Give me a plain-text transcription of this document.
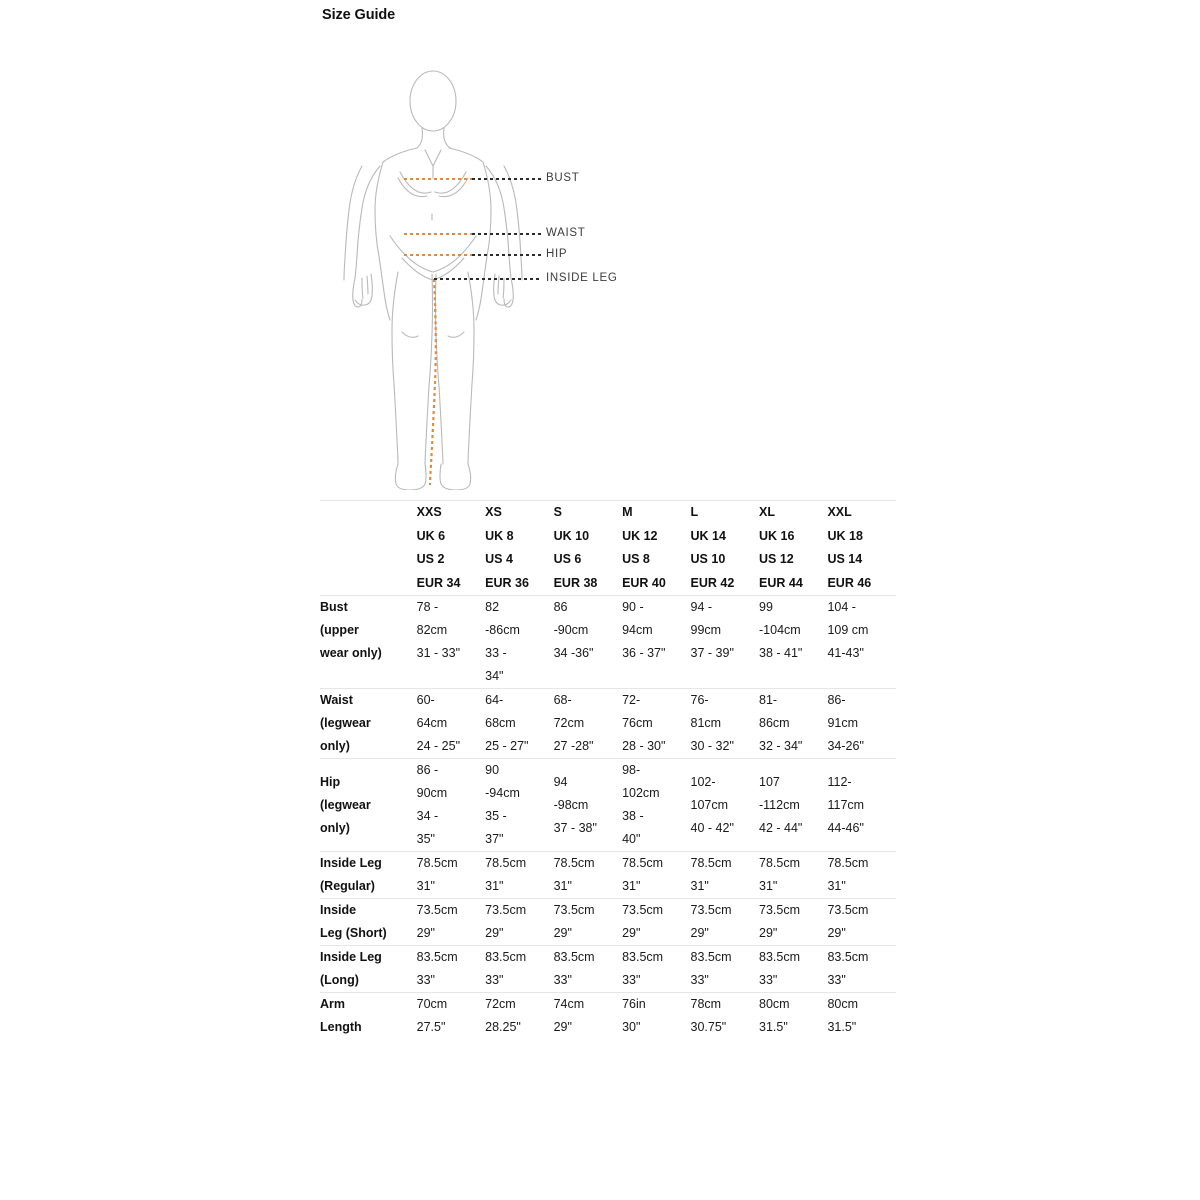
Size Guide
BUST
WAIST
HIP
INSIDE LEG

	XXS
UK 6
US 2
EUR 34	XS
UK 8
US 4
EUR 36	S
UK 10
US 6
EUR 38	M
UK 12
US 8
EUR 40	L
UK 14
US 10
EUR 42	XL
UK 16
US 12
EUR 44	XXL
UK 18
US 14
EUR 46

Bust
(upper
wear only)	78 -
82cm
31 - 33"	82
-86cm
33 -
34"	86
-90cm
34 -36"	90 -
94cm
36 - 37"	94 -
99cm
37 - 39"	99
-104cm
38 - 41"	104 -
109 cm
41-43"

Waist
(legwear
only)	60-
64cm
24 - 25"	64-
68cm
25 - 27"	68-
72cm
27 -28"	72-
76cm
28 - 30"	76-
81cm
30 - 32"	81-
86cm
32 - 34"	86-
91cm
34-26"

Hip
(legwear
only)	86 -
90cm
34 -
35"	90
-94cm
35 -
37"	94
-98cm
37 - 38"	98-
102cm
38 -
40"	102-
107cm
40 - 42"	107
-112cm
42 - 44"	112-
117cm
44-46"

Inside Leg
(Regular)	78.5cm
31"	78.5cm
31"	78.5cm
31"	78.5cm
31"	78.5cm
31"	78.5cm
31"	78.5cm
31"

Inside
Leg (Short)	73.5cm
29"	73.5cm
29"	73.5cm
29"	73.5cm
29"	73.5cm
29"	73.5cm
29"	73.5cm
29"

Inside Leg
(Long)	83.5cm
33"	83.5cm
33"	83.5cm
33"	83.5cm
33"	83.5cm
33"	83.5cm
33"	83.5cm
33"

Arm
Length	70cm
27.5"	72cm
28.25"	74cm
29"	76in
30"	78cm
30.75"	80cm
31.5"	80cm
31.5"
